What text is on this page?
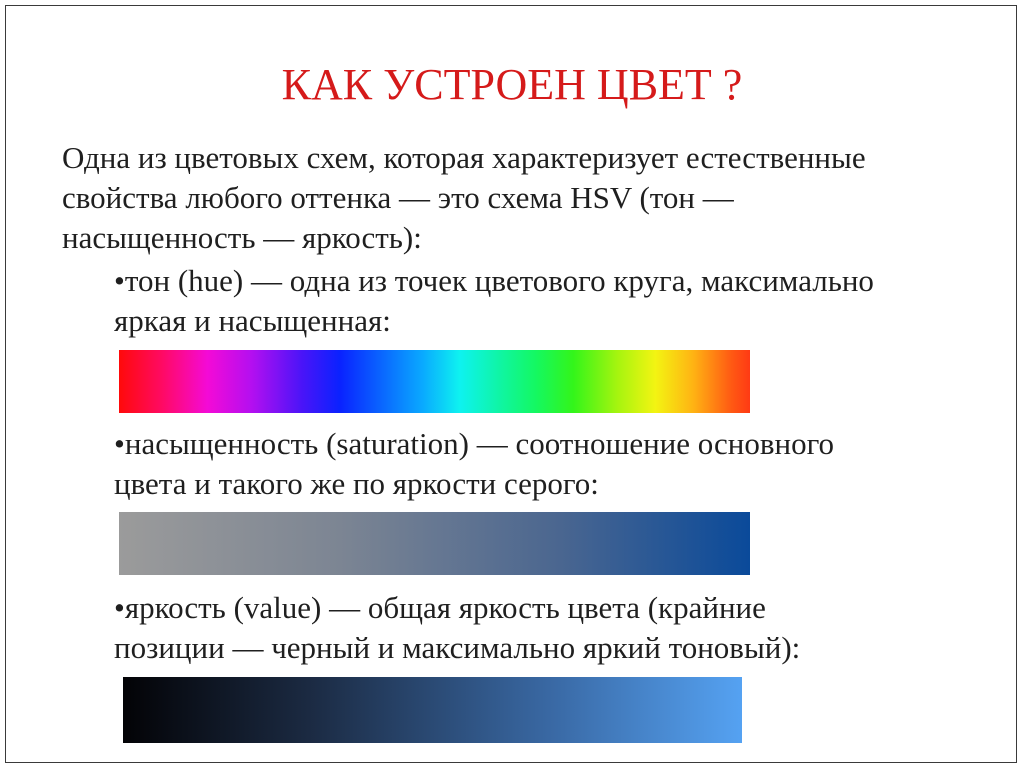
КАК УСТРОЕН ЦВЕТ ?
Одна из цветовых схем, которая характеризует естественные
свойства любого оттенка — это схема HSV (тон —
насыщенность — яркость):
•тон (hue) — одна из точек цветового круга, максимально
яркая и насыщенная:
•насыщенность (saturation) — соотношение основного
цвета и такого же по яркости серого:
•яркость (value) — общая яркость цвета (крайние
позиции — черный и максимально яркий тоновый):
